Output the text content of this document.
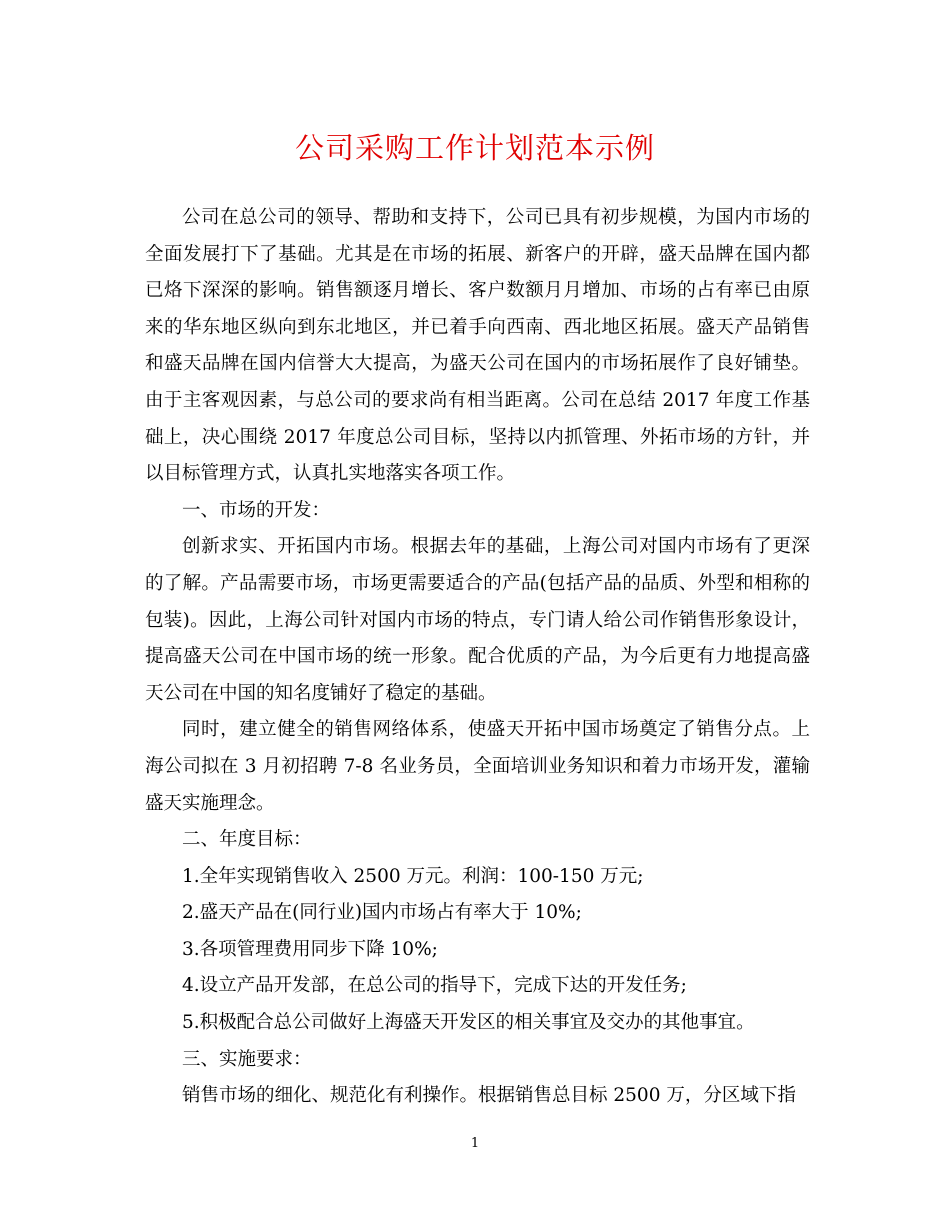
公司采购工作计划范本示例

公司在总公司的领导、帮助和支持下，公司已具有初步规模，为国内市场的全面发展打下了基础。尤其是在市场的拓展、新客户的开辟，盛天品牌在国内都已烙下深深的影响。销售额逐月增长、客户数额月月增加、市场的占有率已由原来的华东地区纵向到东北地区，并已着手向西南、西北地区拓展。盛天产品销售和盛天品牌在国内信誉大大提高，为盛天公司在国内的市场拓展作了良好铺垫。由于主客观因素，与总公司的要求尚有相当距离。公司在总结 2017 年度工作基础上，决心围绕 2017 年度总公司目标，坚持以内抓管理、外拓市场的方针，并以目标管理方式，认真扎实地落实各项工作。

一、市场的开发：

创新求实、开拓国内市场。根据去年的基础，上海公司对国内市场有了更深的了解。产品需要市场，市场更需要适合的产品(包括产品的品质、外型和相称的包装)。因此，上海公司针对国内市场的特点，专门请人给公司作销售形象设计，提高盛天公司在中国市场的统一形象。配合优质的产品，为今后更有力地提高盛天公司在中国的知名度铺好了稳定的基础。

同时，建立健全的销售网络体系，使盛天开拓中国市场奠定了销售分点。上海公司拟在 3 月初招聘 7-8 名业务员，全面培训业务知识和着力市场开发，灌输盛天实施理念。

二、年度目标：

1.全年实现销售收入 2500 万元。利润：100-150 万元;

2.盛天产品在(同行业)国内市场占有率大于 10%;

3.各项管理费用同步下降 10%;

4.设立产品开发部，在总公司的指导下，完成下达的开发任务;

5.积极配合总公司做好上海盛天开发区的相关事宜及交办的其他事宜。

三、实施要求：

销售市场的细化、规范化有利操作。根据销售总目标 2500 万，分区域下指

1
